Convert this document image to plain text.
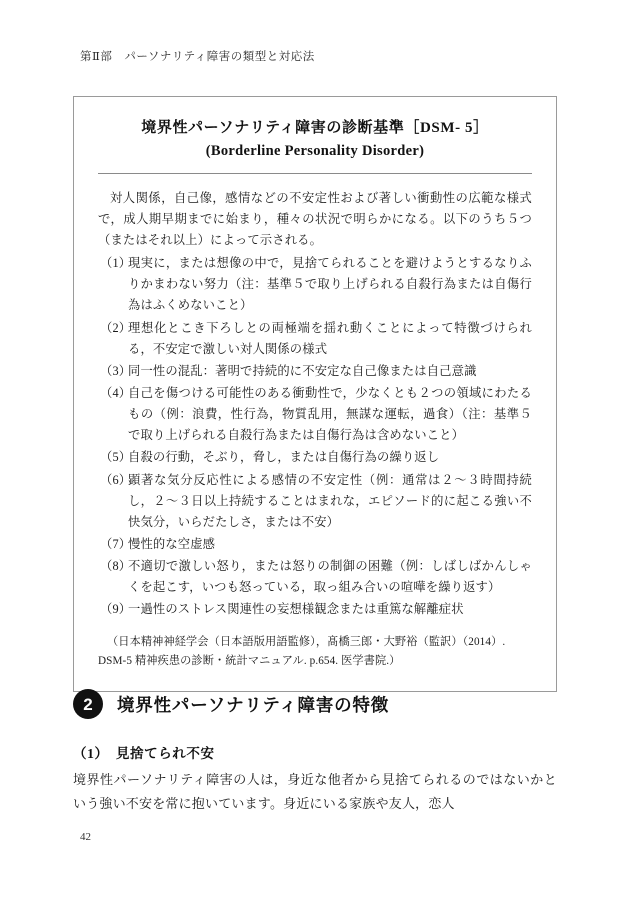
第Ⅱ部　パーソナリティ障害の類型と対応法
境界性パーソナリティ障害の診断基準［DSM- 5］
(Borderline Personality Disorder)
対人関係，自己像，感情などの不安定性および著しい衝動性の広範な様式で，成人期早期までに始まり，種々の状況で明らかになる。以下のうち５つ（またはそれ以上）によって示される。
（1）
現実に，または想像の中で，見捨てられることを避けようとするなりふりかまわない努力（注：基準５で取り上げられる自殺行為または自傷行為はふくめないこと）
（2）
理想化とこき下ろしとの両極端を揺れ動くことによって特徴づけられる，不安定で激しい対人関係の様式
（3）
同一性の混乱：著明で持続的に不安定な自己像または自己意識
（4）
自己を傷つける可能性のある衝動性で，少なくとも２つの領域にわたるもの（例：浪費，性行為，物質乱用，無謀な運転，過食）（注：基準５で取り上げられる自殺行為または自傷行為は含めないこと）
（5）
自殺の行動，そぶり，脅し，または自傷行為の繰り返し
（6）
顕著な気分反応性による感情の不安定性（例：通常は２〜３時間持続し，２〜３日以上持続することはまれな，エピソード的に起こる強い不快気分，いらだたしさ，または不安）
（7）
慢性的な空虚感
（8）
不適切で激しい怒り，または怒りの制御の困難（例：しばしばかんしゃくを起こす，いつも怒っている，取っ組み合いの喧嘩を繰り返す）
（9）
一過性のストレス関連性の妄想様観念または重篤な解離症状
（日本精神神経学会（日本語版用語監修），髙橋三郎・大野裕（監訳）（2014）.
DSM-5 精神疾患の診断・統計マニュアル. p.654. 医学書院.）
2	境界性パーソナリティ障害の特徴
（1）　見捨てられ不安
境界性パーソナリティ障害の人は，身近な他者から見捨てられるのではないかという強い不安を常に抱いています。身近にいる家族や友人，恋人
42
